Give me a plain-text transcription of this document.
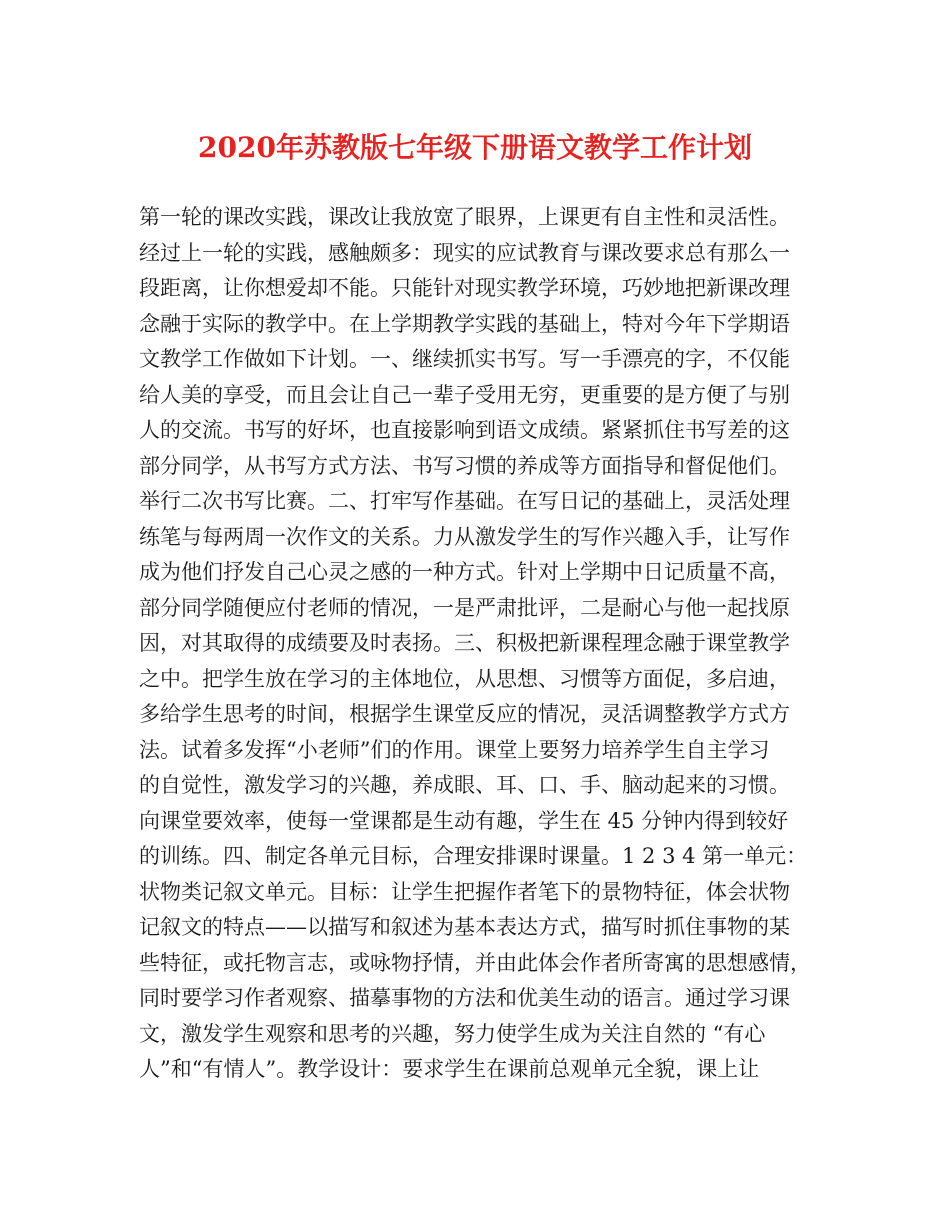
2020年苏教版七年级下册语文教学工作计划
第一轮的课改实践，课改让我放宽了眼界，上课更有自主性和灵活性。
经过上一轮的实践，感触颇多：现实的应试教育与课改要求总有那么一
段距离，让你想爱却不能。只能针对现实教学环境，巧妙地把新课改理
念融于实际的教学中。在上学期教学实践的基础上，特对今年下学期语
文教学工作做如下计划。一、继续抓实书写。写一手漂亮的字，不仅能
给人美的享受，而且会让自己一辈子受用无穷，更重要的是方便了与别
人的交流。书写的好坏，也直接影响到语文成绩。紧紧抓住书写差的这
部分同学，从书写方式方法、书写习惯的养成等方面指导和督促他们。
举行二次书写比赛。二、打牢写作基础。在写日记的基础上，灵活处理
练笔与每两周一次作文的关系。力从激发学生的写作兴趣入手，让写作
成为他们抒发自己心灵之感的一种方式。针对上学期中日记质量不高，
部分同学随便应付老师的情况，一是严肃批评，二是耐心与他一起找原
因，对其取得的成绩要及时表扬。三、积极把新课程理念融于课堂教学
之中。把学生放在学习的主体地位，从思想、习惯等方面促，多启迪，
多给学生思考的时间，根据学生课堂反应的情况，灵活调整教学方式方
法。试着多发挥“小老师”们的作用。课堂上要努力培养学生自主学习
的自觉性，激发学习的兴趣，养成眼、耳、口、手、脑动起来的习惯。
向课堂要效率，使每一堂课都是生动有趣，学生在 45 分钟内得到较好
的训练。四、制定各单元目标，合理安排课时课量。1 2 3 4 第一单元：
状物类记叙文单元。目标：让学生把握作者笔下的景物特征，体会状物
记叙文的特点——以描写和叙述为基本表达方式，描写时抓住事物的某
些特征，或托物言志，或咏物抒情，并由此体会作者所寄寓的思想感情，
同时要学习作者观察、描摹事物的方法和优美生动的语言。通过学习课
文，激发学生观察和思考的兴趣，努力使学生成为关注自然的 “有心
人”和“有情人”。教学设计：要求学生在课前总观单元全貌，课上让
